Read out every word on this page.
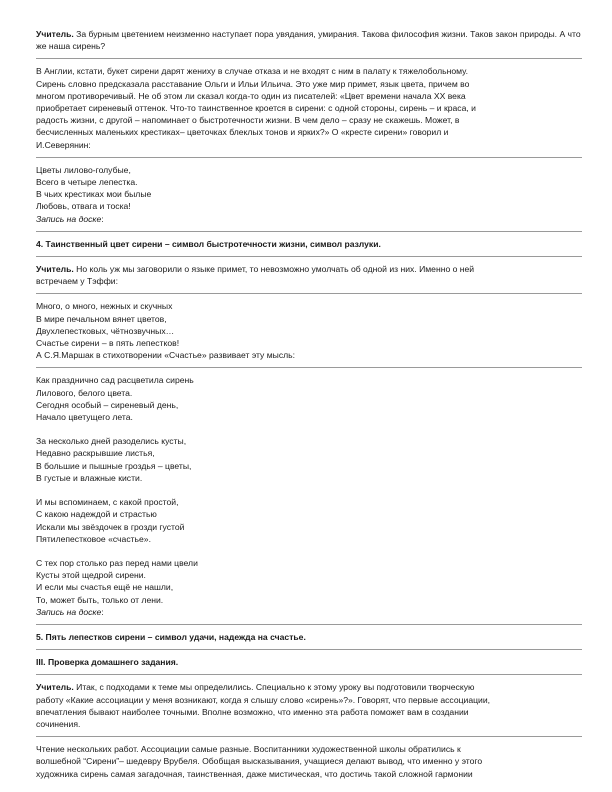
Учитель. За бурным цветением неизменно наступает пора увядания, умирания. Такова философия жизни. Таков закон природы. А что же наша сирень?
В Англии, кстати, букет сирени дарят жениху в случае отказа и не входят с ним в палату к тяжелобольному.
Сирень словно предсказала расставание Ольги и Ильи Ильича. Это уже мир примет, язык цвета, причем во
многом противоречивый. Не об этом ли сказал когда-то один из писателей: «Цвет времени начала XX века
приобретает сиреневый оттенок. Что-то таинственное кроется в сирени: с одной стороны, сирень – и краса, и
радость жизни, с другой – напоминает о быстротечности жизни. В чем дело – сразу не скажешь. Может, в
бесчисленных маленьких крестиках– цветочках блеклых тонов и ярких?» О «кресте сирени» говорил и
И.Северянин:
Цветы лилово-голубые,
Всего в четыре лепестка.
В чьих крестиках мои былые
Любовь, отвага и тоска!
Запись на доске:
4. Таинственный цвет сирени – символ быстротечности жизни, символ разлуки.
Учитель. Но коль уж мы заговорили о языке примет, то невозможно умолчать об одной из них. Именно о ней
встречаем у Тэффи:
Много, о много, нежных и скучных
В мире печальном вянет цветов,
Двухлепестковых, чётнозвучных…
Счастье сирени – в пять лепестков!
А С.Я.Маршак в стихотворении «Счастье» развивает эту мысль:
Как празднично сад расцветила сирень
Лилового, белого цвета.
Сегодня особый – сиреневый день,
Начало цветущего лета.
За несколько дней разоделись кусты,
Недавно раскрывшие листья,
В большие и пышные гроздья – цветы,
В густые и влажные кисти.
И мы вспоминаем, с какой простой,
С какою надеждой и страстью
Искали мы звёздочек в грозди густой
Пятилепестковое «счастье».
С тех пор столько раз перед нами цвели
Кусты этой щедрой сирени.
И если мы счастья ещё не нашли,
То, может быть, только от лени.
Запись на доске:
5. Пять лепестков сирени – символ удачи, надежда на счастье.
III. Проверка домашнего задания.
Учитель. Итак, с подходами к теме мы определились. Специально к этому уроку вы подготовили творческую
работу «Какие ассоциации у меня возникают, когда я слышу слово «сирень»?». Говорят, что первые ассоциации,
впечатления бывают наиболее точными. Вполне возможно, что именно эта работа поможет вам в создании
сочинения.
Чтение нескольких работ. Ассоциации самые разные. Воспитанники художественной школы обратились к
волшебной “Сирени”– шедевру Врубеля. Обобщая высказывания, учащиеся делают вывод, что именно у этого
художника сирень самая загадочная, таинственная, даже мистическая, что достичь такой сложной гармонии
